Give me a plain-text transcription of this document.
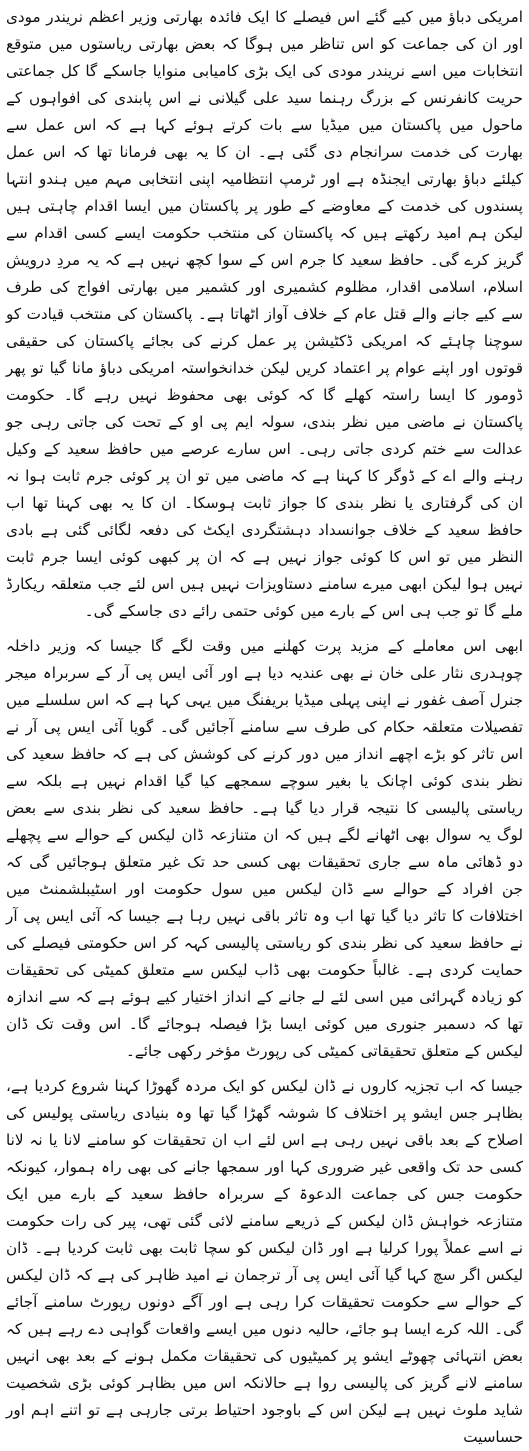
امریکی دباؤ میں کیے گئے اس فیصلے کا ایک فائدہ بھارتی وزیر اعظم نریندر مودی اور ان کی جماعت کو اس تناظر میں ہوگا کہ بعض بھارتی ریاستوں میں متوقع انتخابات میں اسے نریندر مودی کی ایک بڑی کامیابی منوایا جاسکے گا کل جماعتی حریت کانفرنس کے بزرگ رہنما سید علی گیلانی نے اس پابندی کی افواہوں کے ماحول میں پاکستان میں میڈیا سے بات کرتے ہوئے کہا ہے کہ اس عمل سے بھارت کی خدمت سرانجام دی گئی ہے۔ ان کا یہ بھی فرمانا تھا کہ اس عمل کیلئے دباؤ بھارتی ایجنڈہ ہے اور ٹرمپ انتظامیہ اپنی انتخابی مہم میں ہندو انتہا پسندوں کی خدمت کے معاوضے کے طور پر پاکستان میں ایسا اقدام چاہتی ہیں لیکن ہم امید رکھتے ہیں کہ پاکستان کی منتخب حکومت ایسے کسی اقدام سے گریز کرے گی۔ حافظ سعید کا جرم اس کے سوا کچھ نہیں ہے کہ یہ مردِ درویش اسلام، اسلامی اقدار، مظلوم کشمیری اور کشمیر میں بھارتی افواج کی طرف سے کیے جانے والے قتل عام کے خلاف آواز اٹھاتا ہے۔ پاکستان کی منتخب قیادت کو سوچنا چاہئے کہ امریکی ڈکٹیشن پر عمل کرنے کی بجائے پاکستان کی حقیقی قوتوں اور اپنے عوام پر اعتماد کریں لیکن خدانخواستہ امریکی دباؤ مانا گیا تو پھر ڈومور کا ایسا راستہ کھلے گا کہ کوئی بھی محفوظ نہیں رہے گا۔ حکومت پاکستان نے ماضی میں نظر بندی، سولہ ایم پی او کے تحت کی جاتی رہی جو عدالت سے ختم کردی جاتی رہی۔ اس سارے عرصے میں حافظ سعید کے وکیل رہنے والے اے کے ڈوگر کا کہنا ہے کہ ماضی میں تو ان پر کوئی جرم ثابت ہوا نہ ان کی گرفتاری یا نظر بندی کا جواز ثابت ہوسکا۔ ان کا یہ بھی کہنا تھا اب حافظ سعید کے خلاف جوانسداد دہشتگردی ایکٹ کی دفعہ لگائی گئی ہے بادی النظر میں تو اس کا کوئی جواز نہیں ہے کہ ان پر کبھی کوئی ایسا جرم ثابت نہیں ہوا لیکن ابھی میرے سامنے دستاویزات نہیں ہیں اس لئے جب متعلقہ ریکارڈ ملے گا تو جب ہی اس کے بارے میں کوئی حتمی رائے دی جاسکے گی۔

ابھی اس معاملے کے مزید پرت کھلنے میں وقت لگے گا جیسا کہ وزیر داخلہ چوہدری نثار علی خان نے بھی عندیہ دیا ہے اور آئی ایس پی آر کے سربراہ میجر جنرل آصف غفور نے اپنی پہلی میڈیا بریفنگ میں یہی کہا ہے کہ اس سلسلے میں تفصیلات متعلقہ حکام کی طرف سے سامنے آجائیں گی۔ گویا آئی ایس پی آر نے اس تاثر کو بڑے اچھے انداز میں دور کرنے کی کوشش کی ہے کہ حافظ سعید کی نظر بندی کوئی اچانک یا بغیر سوچے سمجھے کیا گیا اقدام نہیں ہے بلکہ سے ریاستی پالیسی کا نتیجہ قرار دیا گیا ہے۔ حافظ سعید کی نظر بندی سے بعض لوگ یہ سوال بھی اٹھانے لگے ہیں کہ ان متنازعہ ڈان لیکس کے حوالے سے پچھلے دو ڈھائی ماہ سے جاری تحقیقات بھی کسی حد تک غیر متعلق ہوجائیں گی کہ جن افراد کے حوالے سے ڈان لیکس میں سول حکومت اور اسٹیبلشمنٹ میں اختلافات کا تاثر دیا گیا تھا اب وہ تاثر باقی نہیں رہا ہے جیسا کہ آئی ایس پی آر نے حافظ سعید کی نظر بندی کو ریاستی پالیسی کہہ کر اس حکومتی فیصلے کی حمایت کردی ہے۔ غالباً حکومت بھی ڈاب لیکس سے متعلق کمیٹی کی تحقیقات کو زیادہ گہرائی میں اسی لئے لے جانے کے انداز اختیار کیے ہوئے ہے کہ سے اندازہ تھا کہ دسمبر جنوری میں کوئی ایسا بڑا فیصلہ ہوجائے گا۔ اس وقت تک ڈان لیکس کے متعلق تحقیقاتی کمیٹی کی رپورٹ مؤخر رکھی جائے۔

جیسا کہ اب تجزیہ کاروں نے ڈان لیکس کو ایک مردہ گھوڑا کہنا شروع کردیا ہے، بظاہر جس ایشو پر اختلاف کا شوشہ گھڑا گیا تھا وہ بنیادی ریاستی پولیس کی اصلاح کے بعد باقی نہیں رہی ہے اس لئے اب ان تحقیقات کو سامنے لانا یا نہ لانا کسی حد تک واقعی غیر ضروری کہا اور سمجھا جانے کی بھی راہ ہموار، کیونکہ حکومت جس کی جماعت الدعوۃ کے سربراہ حافظ سعید کے بارے میں ایک متنازعہ خواہش ڈان لیکس کے ذریعے سامنے لائی گئی تھی، پیر کی رات حکومت نے اسے عملاً پورا کرلیا ہے اور ڈان لیکس کو سچا ثابت بھی ثابت کردیا ہے۔ ڈان لیکس اگر سچ کہا گیا آئی ایس پی آر ترجمان نے امید ظاہر کی ہے کہ ڈان لیکس کے حوالے سے حکومت تحقیقات کرا رہی ہے اور آگے دونوں رپورٹ سامنے آجائے گی۔ اللہ کرے ایسا ہو جائے، حالیہ دنوں میں ایسے واقعات گواہی دے رہے ہیں کہ بعض انتہائی چھوٹے ایشو پر کمیٹیوں کی تحقیقات مکمل ہونے کے بعد بھی انہیں سامنے لانے گریز کی پالیسی روا ہے حالانکہ اس میں بظاہر کوئی بڑی شخصیت شاید ملوث نہیں ہے لیکن اس کے باوجود احتیاط برتی جارہی ہے تو اتنے اہم اور حساسیت
